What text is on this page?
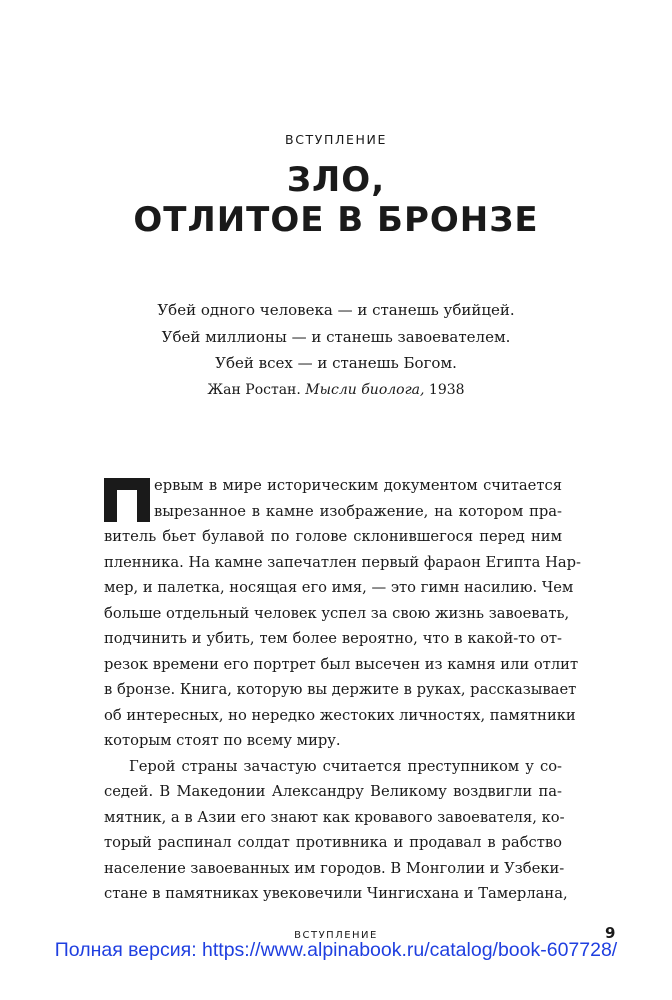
ВСТУПЛЕНИЕ
ЗЛО,
ОТЛИТОЕ В БРОНЗЕ
Убей одного человека — и станешь убийцей.
Убей миллионы — и станешь завоевателем.
Убей всех — и станешь Богом.
Жан Ростан. Мысли биолога, 1938
ервым в мире историческим документом считается
вырезанное в камне изображение, на котором пра-
витель бьет булавой по голове склонившегося перед ним
пленника. На камне запечатлен первый фараон Египта Нар-
мер, и палетка, носящая его имя, — это гимн насилию. Чем
больше отдельный человек успел за свою жизнь завоевать,
подчинить и убить, тем более вероятно, что в какой-то от-
резок времени его портрет был высечен из камня или отлит
в бронзе. Книга, которую вы держите в руках, рассказывает
об интересных, но нередко жестоких личностях, памятники
которым стоят по всему миру.
Герой страны зачастую считается преступником у со-
седей. В Македонии Александру Великому воздвигли па-
мятник, а в Азии его знают как кровавого завоевателя, ко-
торый распинал солдат противника и продавал в рабство
население завоеванных им городов. В Монголии и Узбеки-
стане в памятниках увековечили Чингисхана и Тамерлана,
ВСТУПЛЕНИЕ	9
Полная версия: https://www.alpinabook.ru/catalog/book-607728/
